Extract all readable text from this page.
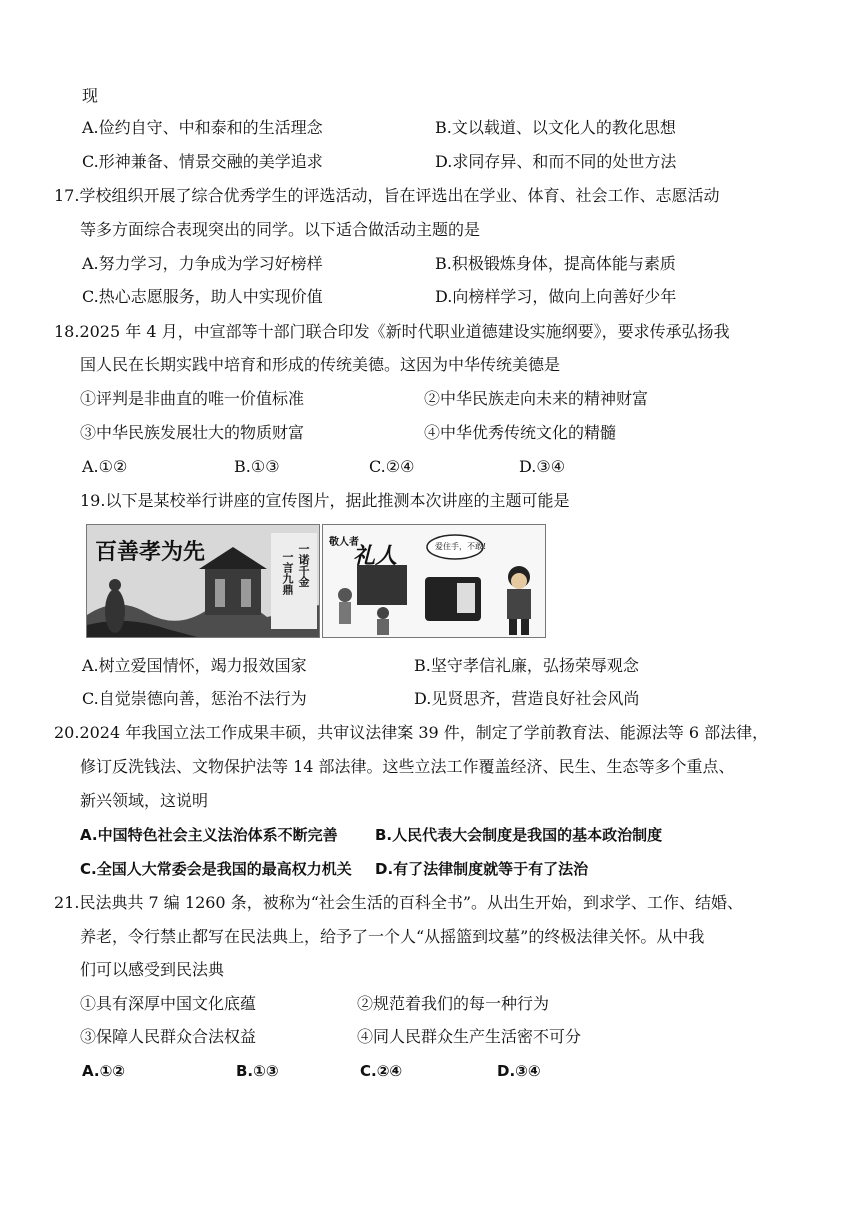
现
A.俭约自守、中和泰和的生活理念	B.文以载道、以文化人的教化思想
C.形神兼备、情景交融的美学追求	D.求同存异、和而不同的处世方法
17.学校组织开展了综合优秀学生的评选活动，旨在评选出在学业、体育、社会工作、志愿活动
等多方面综合表现突出的同学。以下适合做活动主题的是
A.努力学习，力争成为学习好榜样	B.积极锻炼身体，提高体能与素质
C.热心志愿服务，助人中实现价值	D.向榜样学习，做向上向善好少年
18.2025 年 4 月，中宣部等十部门联合印发《新时代职业道德建设实施纲要》，要求传承弘扬我
国人民在长期实践中培育和形成的传统美德。这因为中华传统美德是
①评判是非曲直的唯一价值标准	②中华民族走向未来的精神财富
③中华民族发展壮大的物质财富	④中华优秀传统文化的精髓
A.①②	B.①③	C.②④	D.③④
19.以下是某校举行讲座的宣传图片，据此推测本次讲座的主题可能是
百善孝为先	一诺千金
一言九鼎
敬人者
礼人	爱住手，不敢!
A.树立爱国情怀，竭力报效国家	B.坚守孝信礼廉，弘扬荣辱观念
C.自觉崇德向善，惩治不法行为	D.见贤思齐，营造良好社会风尚
20.2024 年我国立法工作成果丰硕，共审议法律案 39 件，制定了学前教育法、能源法等 6 部法律，
修订反洗钱法、文物保护法等 14 部法律。这些立法工作覆盖经济、民生、生态等多个重点、
新兴领域，这说明
A.中国特色社会主义法治体系不断完善 B.人民代表大会制度是我国的基本政治制度
C.全国人大常委会是我国的最高权力机关 D.有了法律制度就等于有了法治
21.民法典共 7 编 1260 条，被称为“社会生活的百科全书”。从出生开始，到求学、工作、结婚、
养老，令行禁止都写在民法典上，给予了一个人“从摇篮到坟墓”的终极法律关怀。从中我
们可以感受到民法典
①具有深厚中国文化底蕴	②规范着我们的每一种行为
③保障人民群众合法权益	④同人民群众生产生活密不可分
A.①②	B.①③	C.②④	D.③④
